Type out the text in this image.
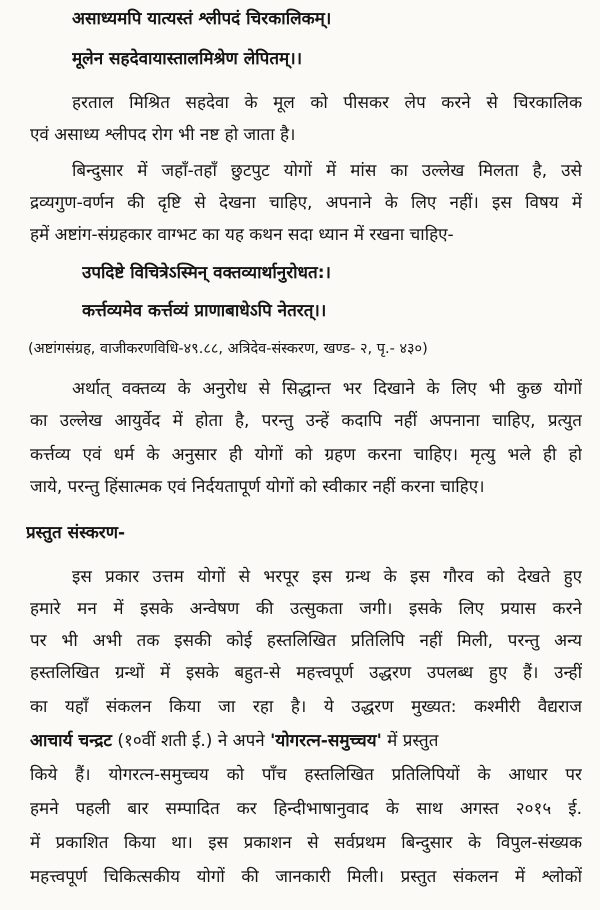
असाध्यमपि यात्यस्तं श्लीपदं चिरकालिकम्।
मूलेन सहदेवायास्तालमिश्रेण लेपितम्।।
हरताल मिश्रित सहदेवा के मूल को पीसकर लेप करने से चिरकालिक
एवं असाध्य श्लीपद रोग भी नष्ट हो जाता है।
बिन्दुसार में जहाँ-तहाँ छुटपुट योगों में मांस का उल्लेख मिलता है, उसे
द्रव्यगुण-वर्णन की दृष्टि से देखना चाहिए, अपनाने के लिए नहीं। इस विषय में
हमें अष्टांग-संग्रहकार वाग्भट का यह कथन सदा ध्यान में रखना चाहिए-
उपदिष्टे विचित्रेऽस्मिन् वक्तव्यार्थानुरोधत:।
कर्त्तव्यमेव कर्त्तव्यं प्राणाबाधेऽपि नेतरत्।।
(अष्टांगसंग्रह, वाजीकरणविधि-४९.८८, अत्रिदेव-संस्करण, खण्ड- २, पृ.- ४३०)
अर्थात् वक्तव्य के अनुरोध से सिद्धान्त भर दिखाने के लिए भी कुछ योगों
का उल्लेख आयुर्वेद में होता है, परन्तु उन्हें कदापि नहीं अपनाना चाहिए, प्रत्युत
कर्त्तव्य एवं धर्म के अनुसार ही योगों को ग्रहण करना चाहिए। मृत्यु भले ही हो
जाये, परन्तु हिंसात्मक एवं निर्दयतापूर्ण योगों को स्वीकार नहीं करना चाहिए।
प्रस्तुत संस्करण-
इस प्रकार उत्तम योगों से भरपूर इस ग्रन्थ के इस गौरव को देखते हुए
हमारे मन में इसके अन्वेषण की उत्सुकता जगी। इसके लिए प्रयास करने
पर भी अभी तक इसकी कोई हस्तलिखित प्रतिलिपि नहीं मिली, परन्तु अन्य
हस्तलिखित ग्रन्थों में इसके बहुत-से महत्त्वपूर्ण उद्धरण उपलब्ध हुए हैं। उन्हीं
का यहाँ संकलन किया जा रहा है। ये उद्धरण मुख्यत: कश्मीरी वैद्यराज
आचार्य चन्द्रट (१०वीं शती ई.) ने अपने 'योगरत्न-समुच्चय' में प्रस्तुत
किये हैं। योगरत्न-समुच्चय को पाँच हस्तलिखित प्रतिलिपियों के आधार पर
हमने पहली बार सम्पादित कर हिन्दीभाषानुवाद के साथ अगस्त २०१५ ई.
में प्रकाशित किया था। इस प्रकाशन से सर्वप्रथम बिन्दुसार के विपुल-संख्यक
महत्त्वपूर्ण चिकित्सकीय योगों की जानकारी मिली। प्रस्तुत संकलन में श्लोकों
